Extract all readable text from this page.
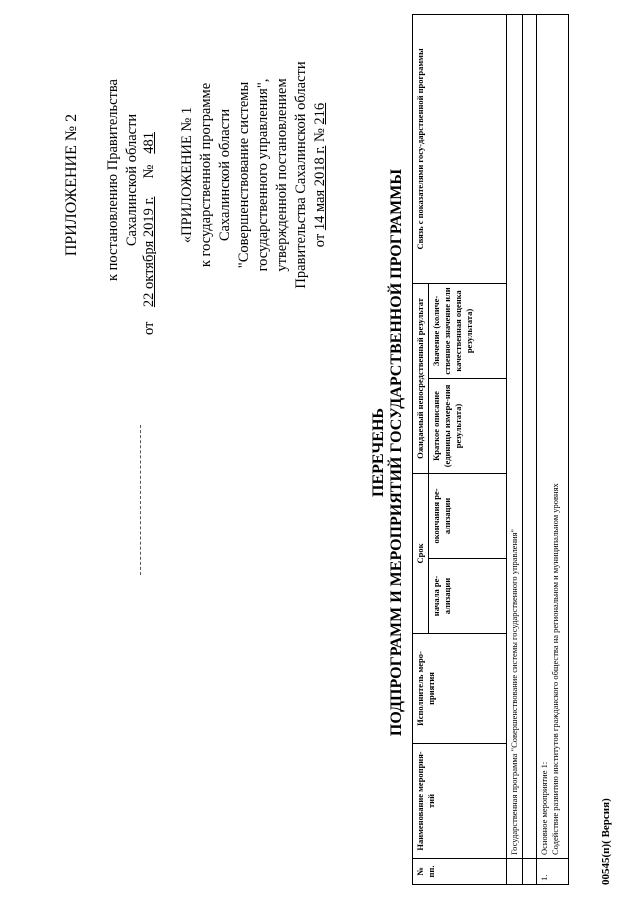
ПРИЛОЖЕНИЕ № 2 к постановлению Правительства Сахалинской области
от    22 октября 2019 г.     №   481 «ПРИЛОЖЕНИЕ № 1 к государственной программе Сахалинской области "Совершенствование системы государственного управления", утвержденной постановлением Правительства Сахалинской области от 14 мая 2018 г. № 216
ПЕРЕЧЕНЬ ПОДПРОГРАММ И МЕРОПРИЯТИЙ ГОСУДАРСТВЕННОЙ ПРОГРАММЫ
№ пп.	Наименование мероприя-тий	Исполнитель меро-приятия	Срок		Ожидаемый непосредственный результат		Связь с показателями госу-дарственной программы
			начала ре-ализации	окончания ре-ализации	Краткое описание (единицы измере-ния результата)	Значение (количе-ственное значение или качественная оценка результата)	
	Государственная программа "Совершенствование системы государственного управления"						

1.	Основное мероприятие 1: Содействие развитию институтов гражданского общества на региональном и муниципальном уровнях							00545(п)( Версия)
